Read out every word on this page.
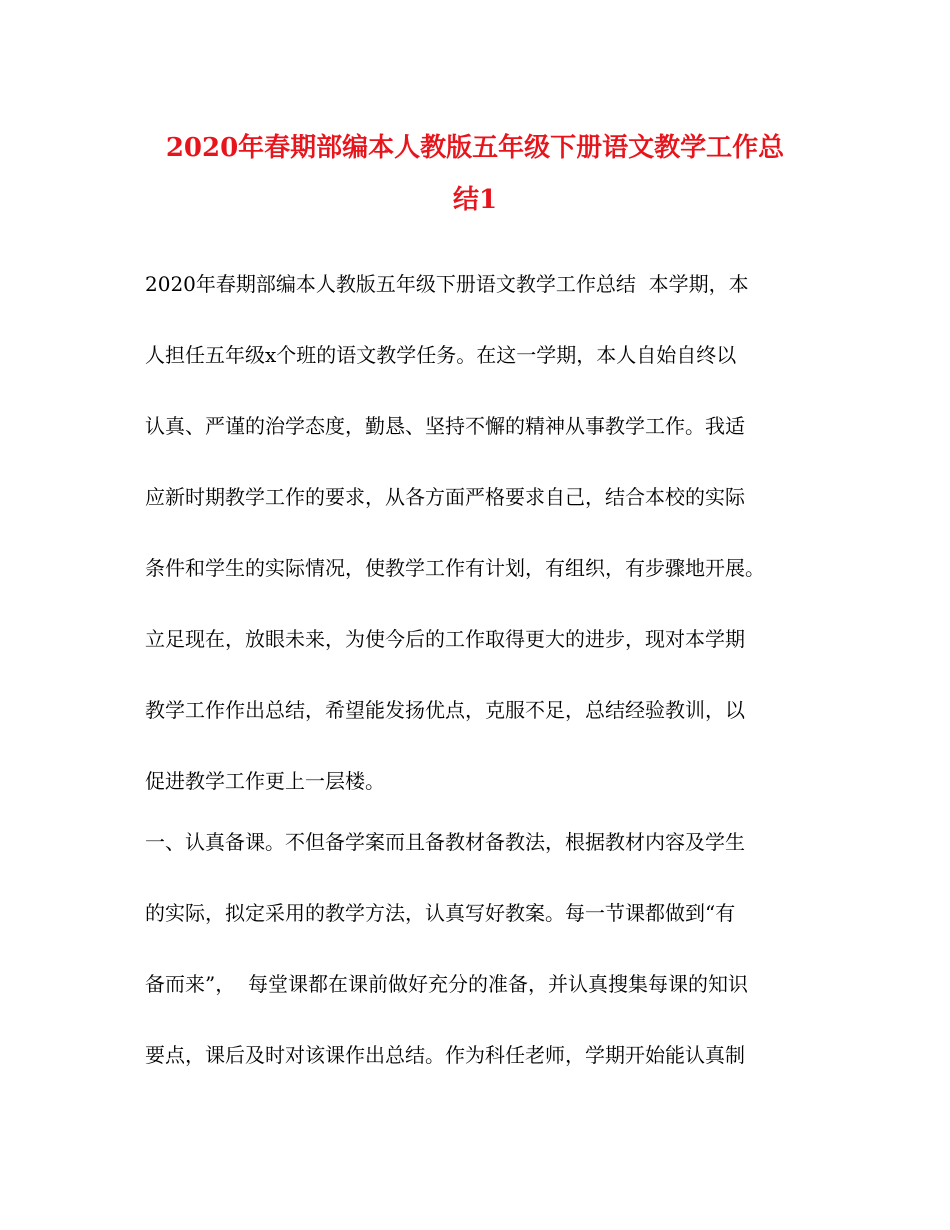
2020年春期部编本人教版五年级下册语文教学工作总
结1
2020年春期部编本人教版五年级下册语文教学工作总结  本学期，本
人担任五年级x个班的语文教学任务。在这一学期，本人自始自终以
认真、严谨的治学态度，勤恳、坚持不懈的精神从事教学工作。我适
应新时期教学工作的要求，从各方面严格要求自己，结合本校的实际
条件和学生的实际情况，使教学工作有计划，有组织，有步骤地开展。
立足现在，放眼未来，为使今后的工作取得更大的进步，现对本学期
教学工作作出总结，希望能发扬优点，克服不足，总结经验教训，以
促进教学工作更上一层楼。
一、认真备课。不但备学案而且备教材备教法，根据教材内容及学生
的实际，拟定采用的教学方法，认真写好教案。每一节课都做到“有
备而来”，  每堂课都在课前做好充分的准备，并认真搜集每课的知识
要点，课后及时对该课作出总结。作为科任老师，学期开始能认真制
